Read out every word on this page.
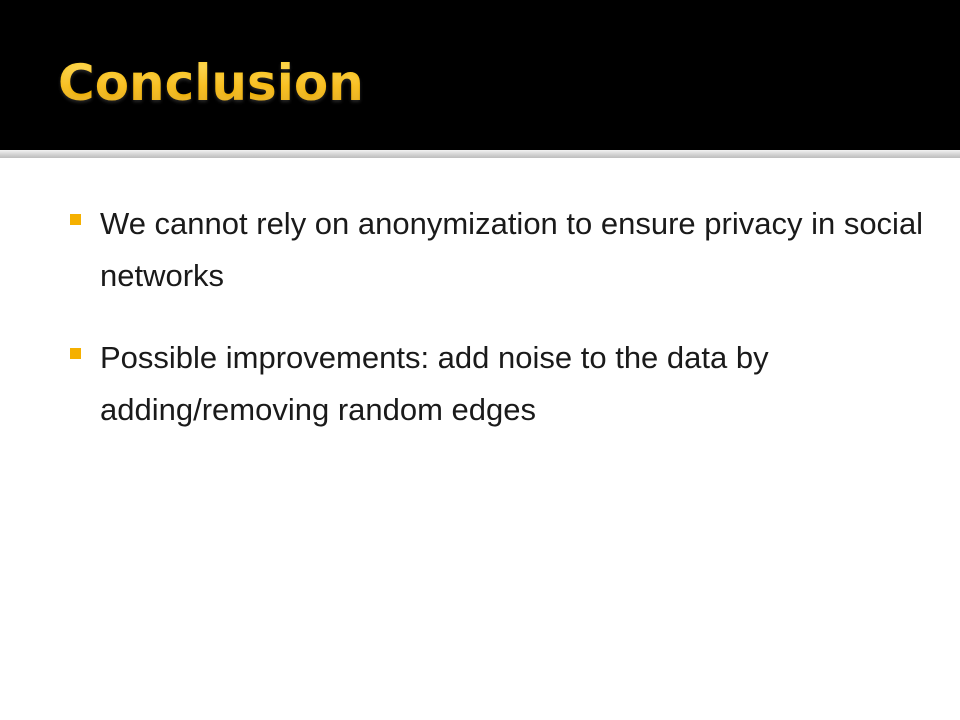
Conclusion
We cannot rely on anonymization to ensure privacy in social networks
Possible improvements: add noise to the data by adding/removing random edges
